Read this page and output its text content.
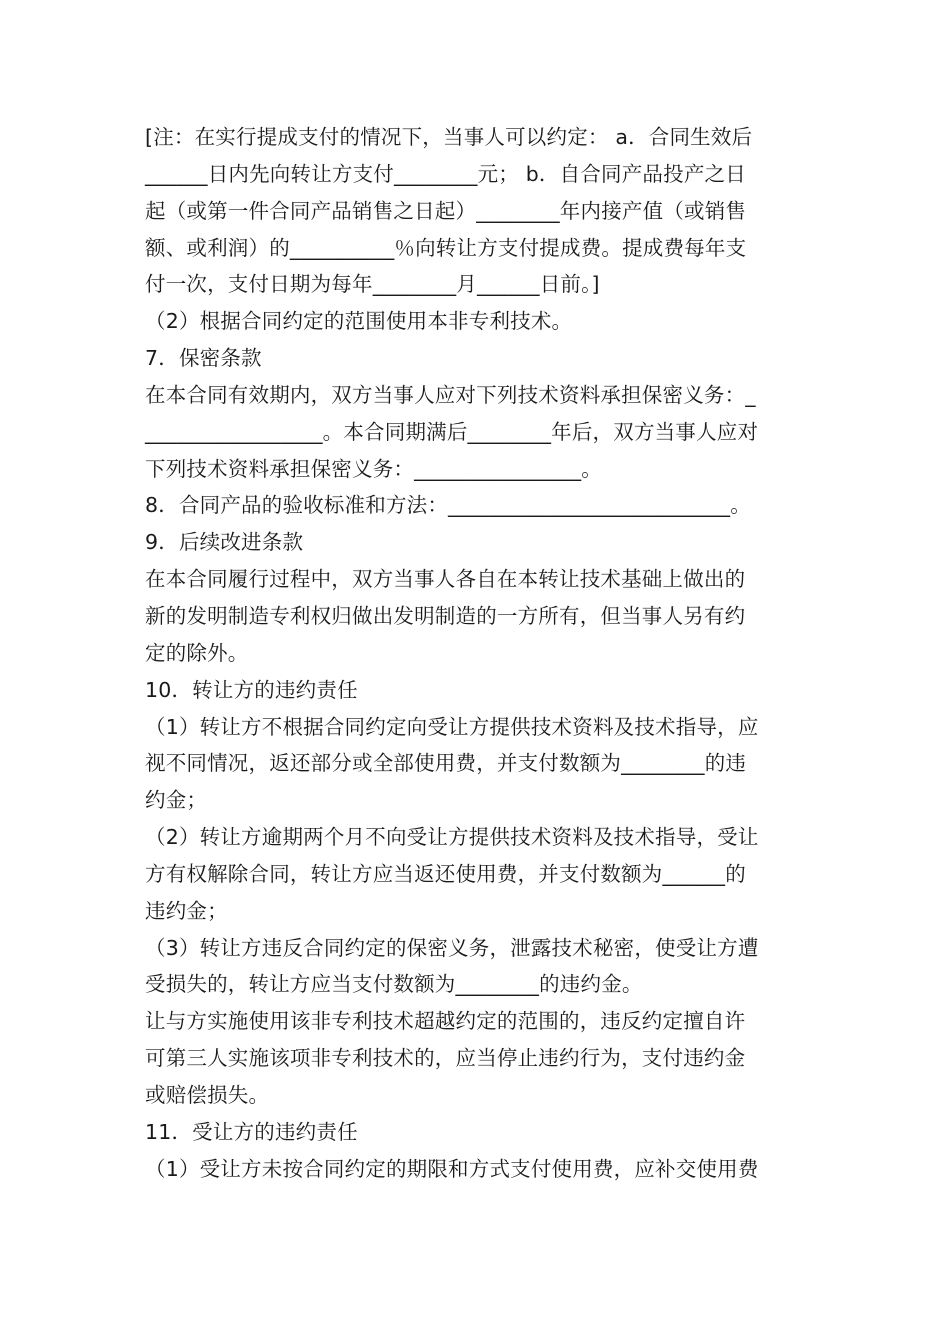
[注：在实行提成支付的情况下，当事人可以约定： a．合同生效后
______日内先向转让方支付________元； b．自合同产品投产之日
起（或第一件合同产品销售之日起）________年内接产值（或销售
额、或利润）的__________％向转让方支付提成费。提成费每年支
付一次，支付日期为每年________月______日前。]
（2）根据合同约定的范围使用本非专利技术。
7．保密条款
在本合同有效期内，双方当事人应对下列技术资料承担保密义务：_
_________________。本合同期满后________年后，双方当事人应对
下列技术资料承担保密义务：________________。
8．合同产品的验收标准和方法：___________________________。
9．后续改进条款
在本合同履行过程中，双方当事人各自在本转让技术基础上做出的
新的发明制造专利权归做出发明制造的一方所有，但当事人另有约
定的除外。
10．转让方的违约责任
（1）转让方不根据合同约定向受让方提供技术资料及技术指导，应
视不同情况，返还部分或全部使用费，并支付数额为________的违
约金；
（2）转让方逾期两个月不向受让方提供技术资料及技术指导，受让
方有权解除合同，转让方应当返还使用费，并支付数额为______的
违约金；
（3）转让方违反合同约定的保密义务，泄露技术秘密，使受让方遭
受损失的，转让方应当支付数额为________的违约金。
让与方实施使用该非专利技术超越约定的范围的，违反约定擅自许
可第三人实施该项非专利技术的，应当停止违约行为，支付违约金
或赔偿损失。
11．受让方的违约责任
（1）受让方未按合同约定的期限和方式支付使用费，应补交使用费
